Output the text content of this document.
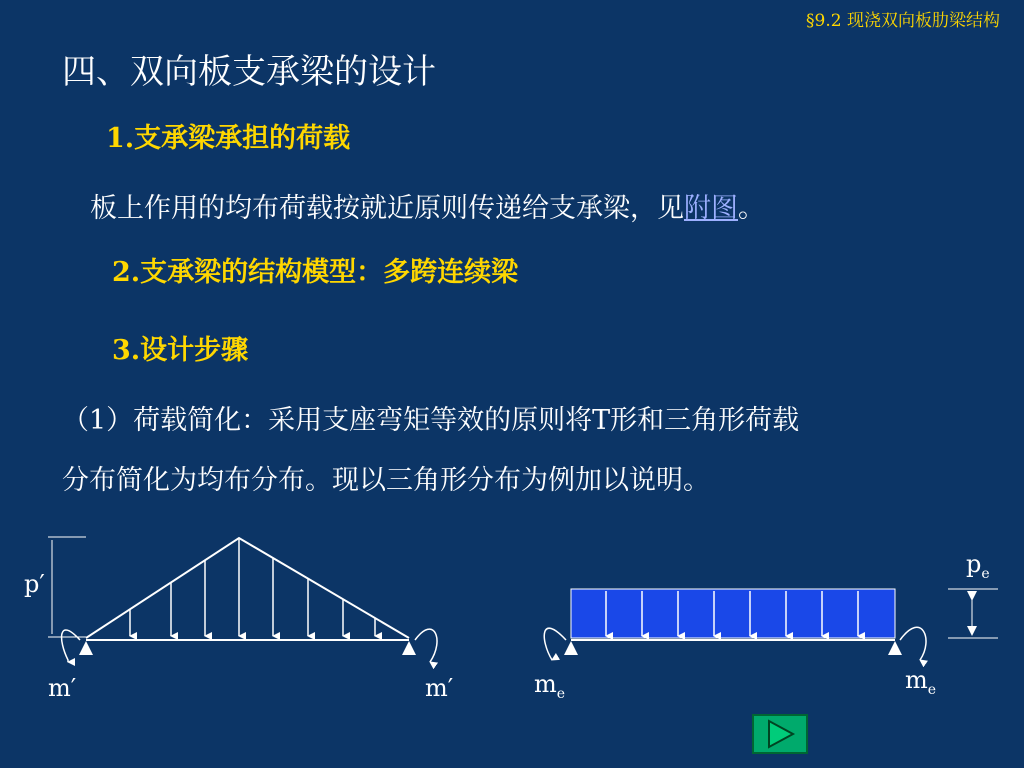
§9.2 现浇双向板肋梁结构
四、双向板支承梁的设计
1.支承梁承担的荷载
板上作用的均布荷载按就近原则传递给支承梁，见附图。
2.支承梁的结构模型：多跨连续梁
3.设计步骤
（1）荷载简化：采用支座弯矩等效的原则将T形和三角形荷载
分布简化为均布分布。现以三角形分布为例加以说明。
p′
m′	m′	$m_e$	$m_e$
$p_e$
